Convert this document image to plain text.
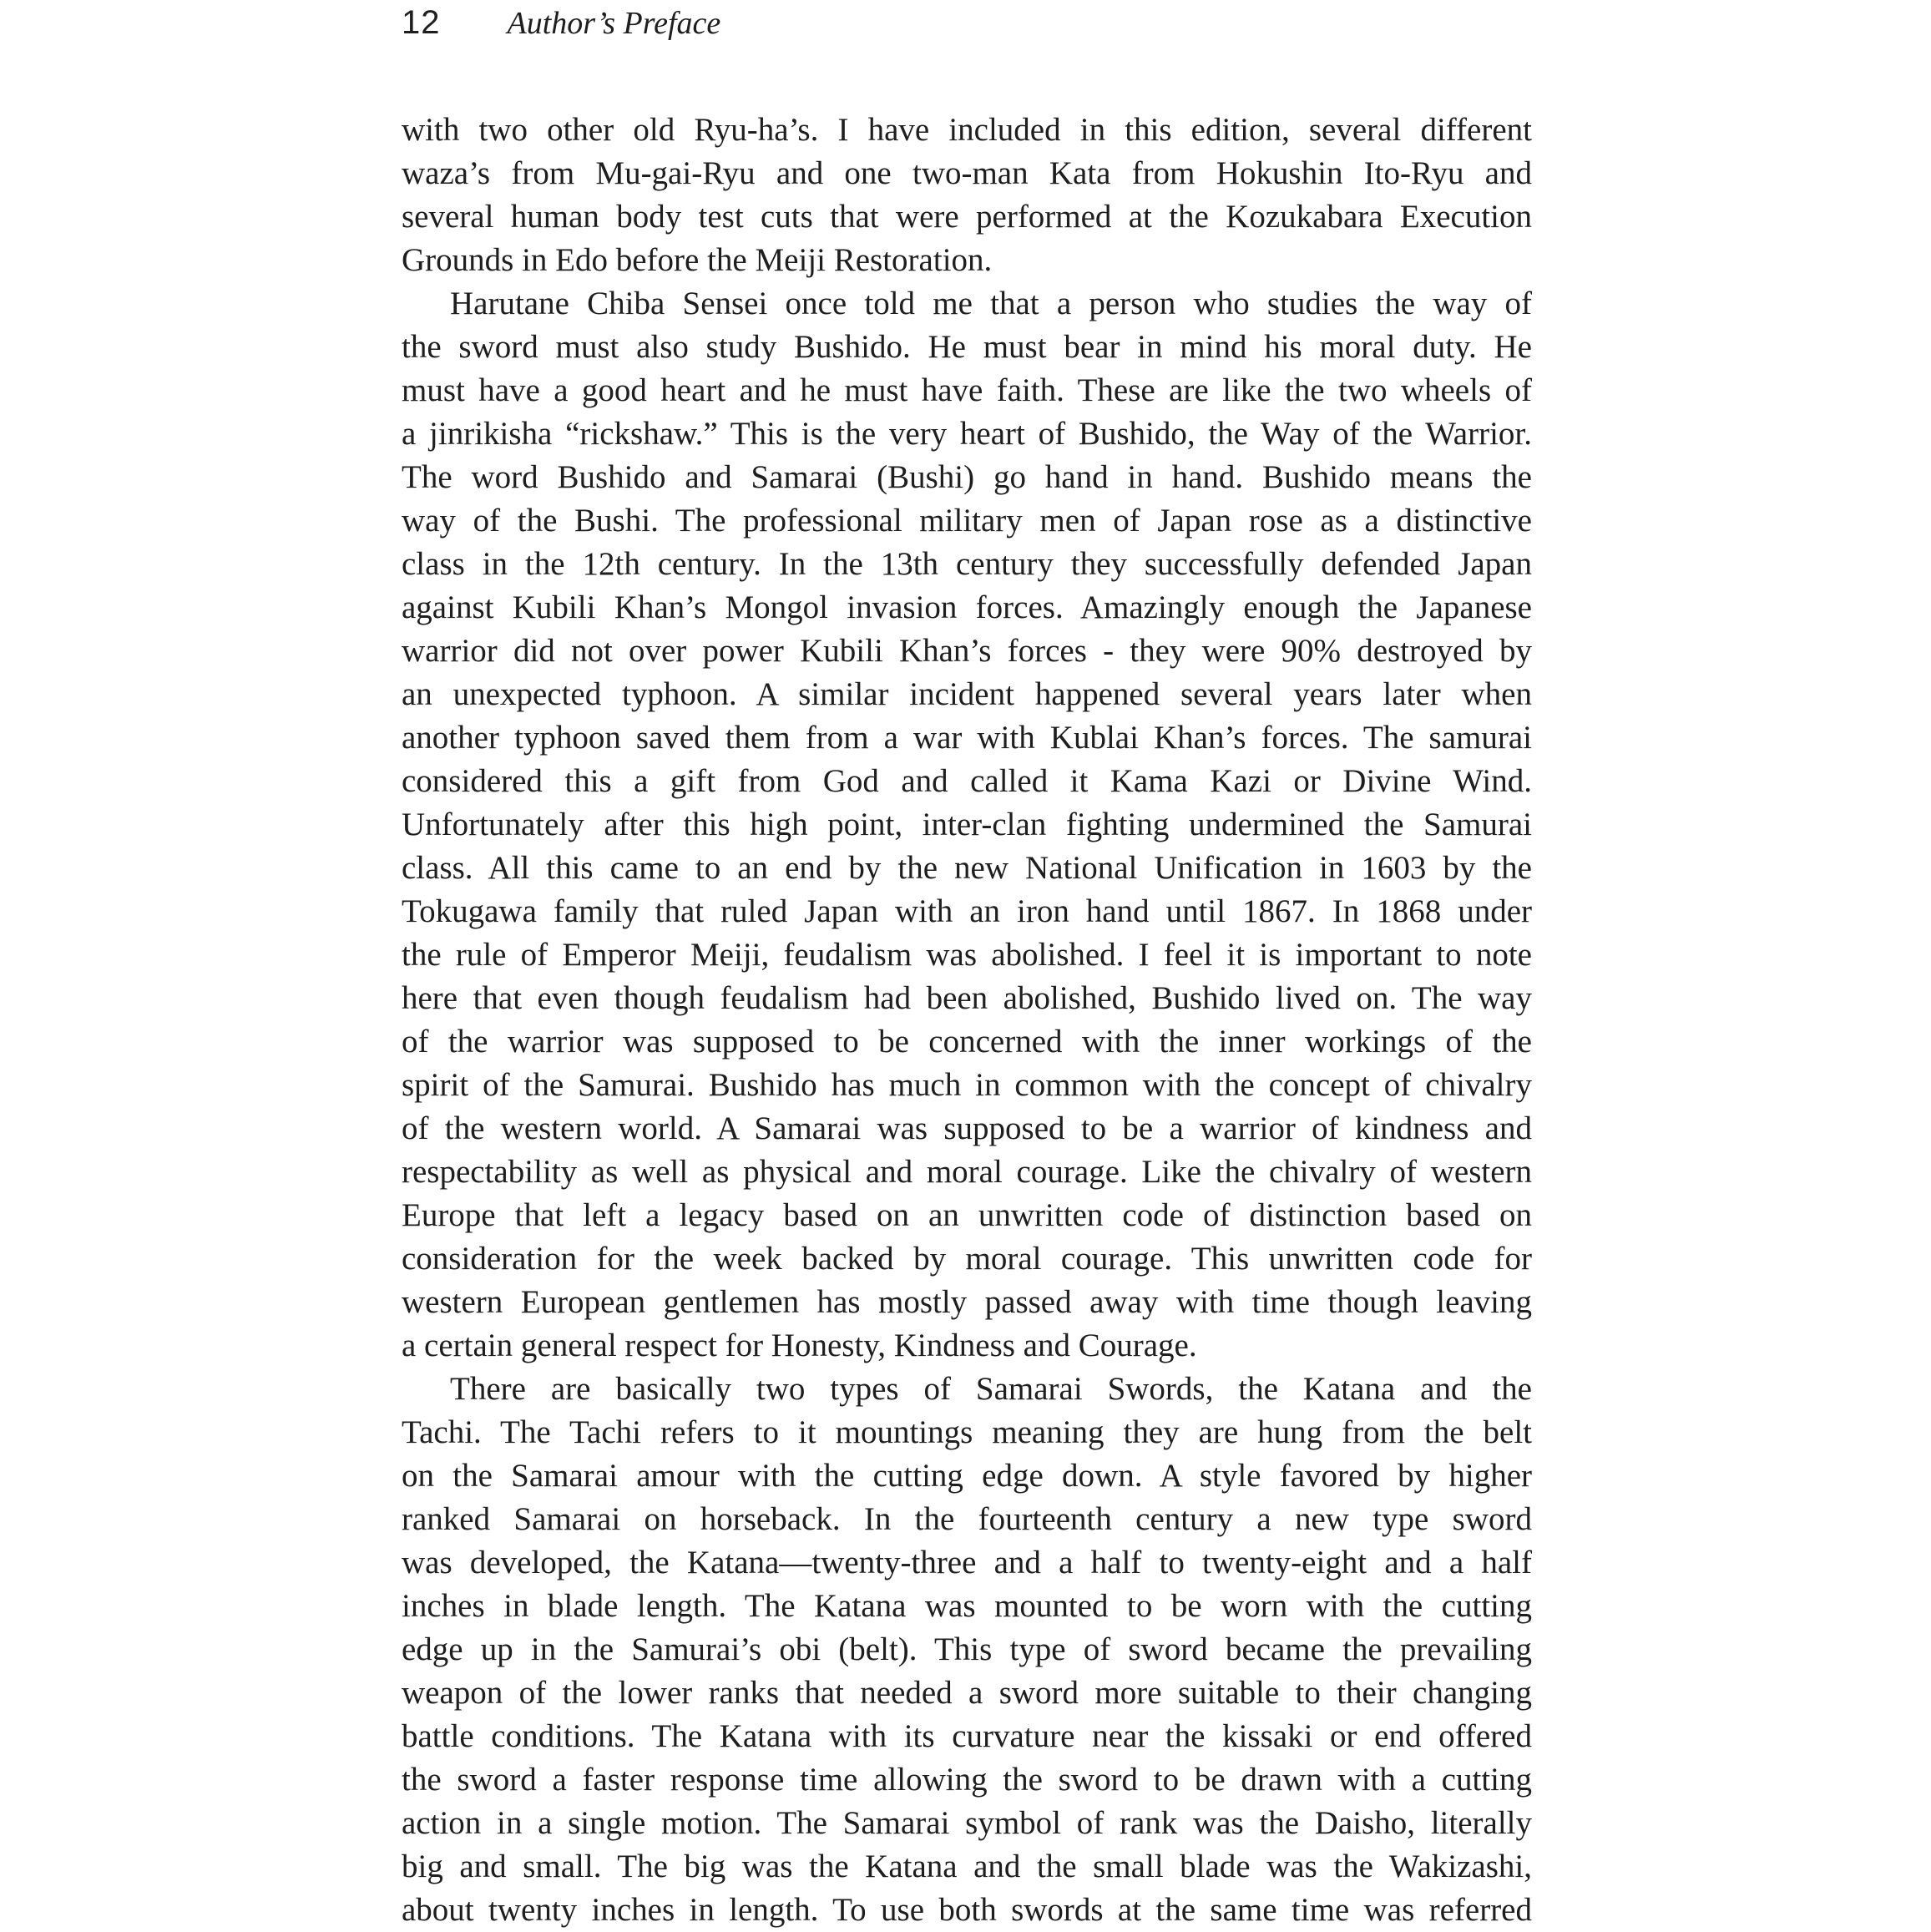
12 Author’s Preface
with two other old Ryu-ha’s. I have included in this edition, several different
waza’s from Mu-gai-Ryu and one two-man Kata from Hokushin Ito-Ryu and
several human body test cuts that were performed at the Kozukabara Execution
Grounds in Edo before the Meiji Restoration.
Harutane Chiba Sensei once told me that a person who studies the way of
the sword must also study Bushido. He must bear in mind his moral duty. He
must have a good heart and he must have faith. These are like the two wheels of
a jinrikisha “rickshaw.” This is the very heart of Bushido, the Way of the Warrior.
The word Bushido and Samarai (Bushi) go hand in hand. Bushido means the
way of the Bushi. The professional military men of Japan rose as a distinctive
class in the 12th century. In the 13th century they successfully defended Japan
against Kubili Khan’s Mongol invasion forces. Amazingly enough the Japanese
warrior did not over power Kubili Khan’s forces - they were 90% destroyed by
an unexpected typhoon. A similar incident happened several years later when
another typhoon saved them from a war with Kublai Khan’s forces. The samurai
considered this a gift from God and called it Kama Kazi or Divine Wind.
Unfortunately after this high point, inter-clan fighting undermined the Samurai
class. All this came to an end by the new National Unification in 1603 by the
Tokugawa family that ruled Japan with an iron hand until 1867. In 1868 under
the rule of Emperor Meiji, feudalism was abolished. I feel it is important to note
here that even though feudalism had been abolished, Bushido lived on. The way
of the warrior was supposed to be concerned with the inner workings of the
spirit of the Samurai. Bushido has much in common with the concept of chivalry
of the western world. A Samarai was supposed to be a warrior of kindness and
respectability as well as physical and moral courage. Like the chivalry of western
Europe that left a legacy based on an unwritten code of distinction based on
consideration for the week backed by moral courage. This unwritten code for
western European gentlemen has mostly passed away with time though leaving
a certain general respect for Honesty, Kindness and Courage.
There are basically two types of Samarai Swords, the Katana and the
Tachi. The Tachi refers to it mountings meaning they are hung from the belt
on the Samarai amour with the cutting edge down. A style favored by higher
ranked Samarai on horseback. In the fourteenth century a new type sword
was developed, the Katana—twenty-three and a half to twenty-eight and a half
inches in blade length. The Katana was mounted to be worn with the cutting
edge up in the Samurai’s obi (belt). This type of sword became the prevailing
weapon of the lower ranks that needed a sword more suitable to their changing
battle conditions. The Katana with its curvature near the kissaki or end offered
the sword a faster response time allowing the sword to be drawn with a cutting
action in a single motion. The Samarai symbol of rank was the Daisho, literally
big and small. The big was the Katana and the small blade was the Wakizashi,
about twenty inches in length. To use both swords at the same time was referred
